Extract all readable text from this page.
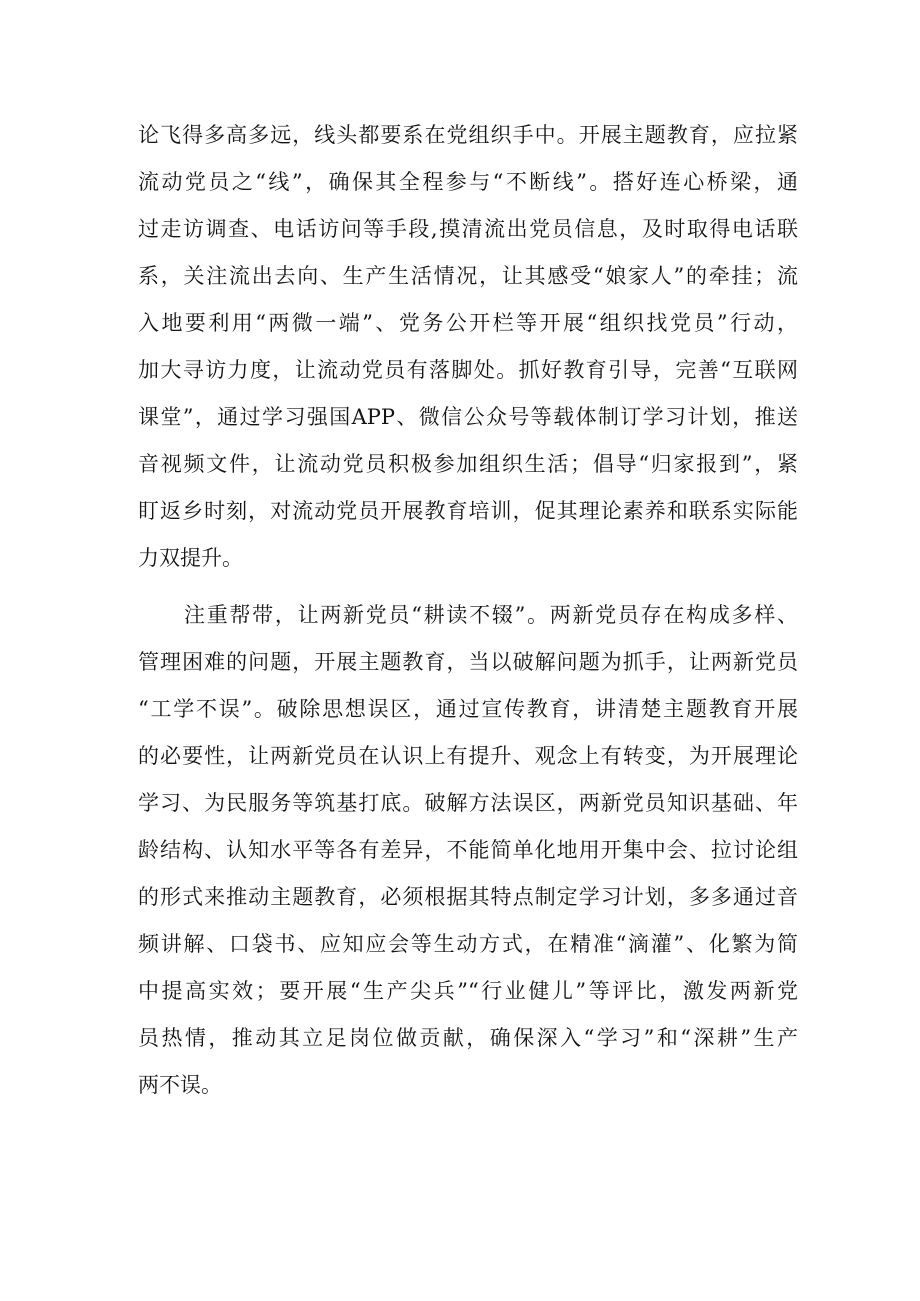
论飞得多高多远，线头都要系在党组织手中。开展主题教育，应拉紧
流动党员之“线”，确保其全程参与“不断线”。搭好连心桥梁，通
过走访调查、电话访问等手段,摸清流出党员信息，及时取得电话联
系，关注流出去向、生产生活情况，让其感受“娘家人”的牵挂；流
入地要利用“两微一端”、党务公开栏等开展“组织找党员”行动，
加大寻访力度，让流动党员有落脚处。抓好教育引导，完善“互联网
课堂”，通过学习强国APP、微信公众号等载体制订学习计划，推送
音视频文件，让流动党员积极参加组织生活；倡导“归家报到”，紧
盯返乡时刻，对流动党员开展教育培训，促其理论素养和联系实际能
力双提升。
注重帮带，让两新党员“耕读不辍”。两新党员存在构成多样、
管理困难的问题，开展主题教育，当以破解问题为抓手，让两新党员
“工学不误”。破除思想误区，通过宣传教育，讲清楚主题教育开展
的必要性，让两新党员在认识上有提升、观念上有转变，为开展理论
学习、为民服务等筑基打底。破解方法误区，两新党员知识基础、年
龄结构、认知水平等各有差异，不能简单化地用开集中会、拉讨论组
的形式来推动主题教育，必须根据其特点制定学习计划，多多通过音
频讲解、口袋书、应知应会等生动方式，在精准“滴灌”、化繁为简
中提高实效；要开展“生产尖兵”“行业健儿”等评比，激发两新党
员热情，推动其立足岗位做贡献，确保深入“学习”和“深耕”生产
两不误。
